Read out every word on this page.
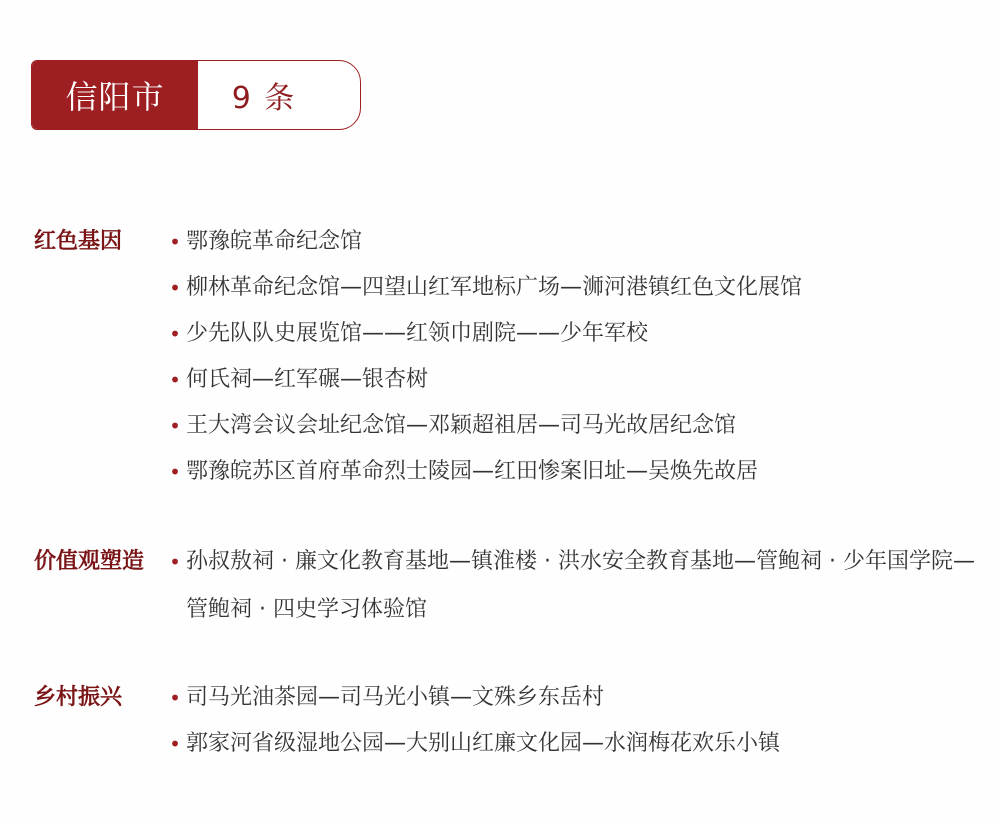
信阳市	9 条
红色基因	• 鄂豫皖革命纪念馆
• 柳林革命纪念馆—四望山红军地标广场—浉河港镇红色文化展馆
• 少先队队史展览馆——红领巾剧院——少年军校
• 何氏祠—红军碾—银杏树
• 王大湾会议会址纪念馆—邓颖超祖居—司马光故居纪念馆
• 鄂豫皖苏区首府革命烈士陵园—红田惨案旧址—吴焕先故居
价值观塑造	• 孙叔敖祠 · 廉文化教育基地—镇淮楼 · 洪水安全教育基地—管鲍祠 · 少年国学院—管鲍祠 · 四史学习体验馆
乡村振兴	• 司马光油茶园—司马光小镇—文殊乡东岳村
• 郭家河省级湿地公园—大别山红廉文化园—水润梅花欢乐小镇
